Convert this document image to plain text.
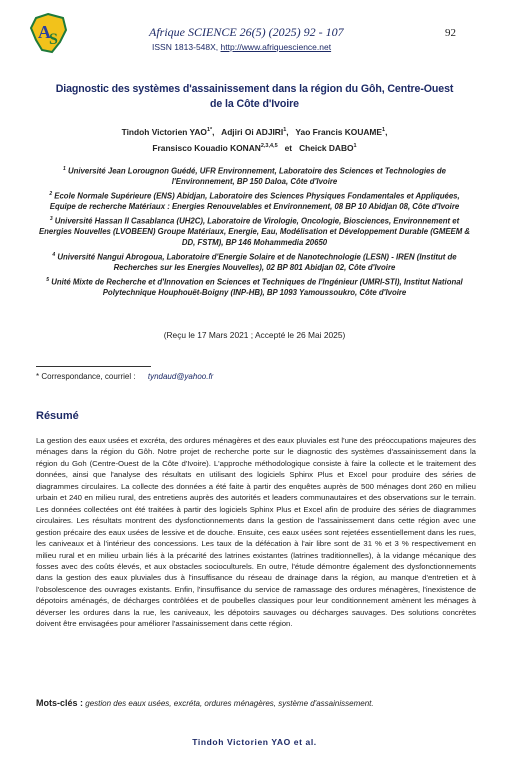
A
S	Afrique SCIENCE 26(5) (2025) 92 - 107
ISSN 1813-548X, http://www.afriquescience.net
92
Diagnostic des systèmes d'assainissement dans la région du Gôh, Centre-Ouest
de la Côte d'Ivoire
Tindoh Victorien $YAO^{1*}$, Adjiri Oi ADJIRI$^1$, Yao Francis KOUAME$^1$,
Fransisco Kouadio KONAN$^{2,3,4,5}$ et Cheick DABO$^1$

$^1$ Université Jean Lorougnon Guédé, UFR Environnement, Laboratoire des Sciences et Technologies de l'Environnement, BP 150 Daloa, Côte d'Ivoire

$^2$ Ecole Normale Supérieure (ENS) Abidjan, Laboratoire des Sciences Physiques Fondamentales et Appliquées, Equipe de recherche Matériaux : Energies Renouvelables et Environnement, 08 BP 10 Abidjan 08, Côte d'Ivoire

$^3$ Université Hassan II Casablanca (UH2C), Laboratoire de Virologie, Oncologie, Biosciences, Environnement et Energies Nouvelles (LVOBEEN) Groupe Matériaux, Energie, Eau, Modélisation et Développement Durable (GMEEM & DD, FSTM), BP 146 Mohammedia 20650

$^4$ Université Nangui Abrogoua, Laboratoire d'Energie Solaire et de Nanotechnologie (LESN) - IREN (Institut de Recherches sur les Energies Nouvelles), 02 BP 801 Abidjan 02, Côte d'Ivoire

$^5$ Unité Mixte de Recherche et d'Innovation en Sciences et Techniques de l'Ingénieur (UMRI-STI), Institut National Polytechnique Houphouët-Boigny (INP-HB), BP 1093 Yamoussoukro, Côte d'Ivoire

(Reçu le 17 Mars 2021 ; Accepté le 26 Mai 2025)
* Correspondance, courriel : tyndaud@yahoo.fr
Résumé
La gestion des eaux usées et excréta, des ordures ménagères et des eaux pluviales est l'une des préoccupations majeures des ménages dans la région du Gôh. Notre projet de recherche porte sur le diagnostic des systèmes d'assainissement dans la région du Goh (Centre-Ouest de la Côte d'Ivoire). L'approche méthodologique consiste à faire la collecte et le traitement des données, ainsi que l'analyse des résultats en utilisant des logiciels Sphinx Plus et Excel pour produire des séries de diagrammes circulaires. La collecte des données a été faite à partir des enquêtes auprès de 500 ménages dont 260 en milieu urbain et 240 en milieu rural, des entretiens auprès des autorités et leaders communautaires et des observations sur le terrain. Les données collectées ont été traitées à partir des logiciels Sphinx Plus et Excel afin de produire des séries de diagrammes circulaires. Les résultats montrent des dysfonctionnements dans la gestion de l'assainissement dans cette région avec une gestion précaire des eaux usées de lessive et de douche. Ensuite, ces eaux usées sont rejetées essentiellement dans les rues, les caniveaux et à l'intérieur des concessions. Les taux de la défécation à l'air libre sont de 31 % et 3 % respectivement en milieu rural et en milieu urbain liés à la précarité des latrines existantes (latrines traditionnelles), à la vidange mécanique des fosses avec des coûts élevés, et aux obstacles socioculturels. En outre, l'étude démontre également des dysfonctionnements dans la gestion des eaux pluviales dus à l'insuffisance du réseau de drainage dans la région, au manque d'entretien et à l'obsolescence des ouvrages existants. Enfin, l'insuffisance du service de ramassage des ordures ménagères, l'inexistence de dépotoirs aménagés, de décharges contrôlées et de poubelles classiques pour leur conditionnement amènent les ménages à déverser les ordures dans la rue, les caniveaux, les dépotoirs sauvages ou décharges sauvages. Des solutions concrètes doivent être envisagées pour améliorer l'assainissement dans cette région.
Mots-clés : gestion des eaux usées, excréta, ordures ménagères, système d'assainissement.
Tindoh Victorien YAO et al.
